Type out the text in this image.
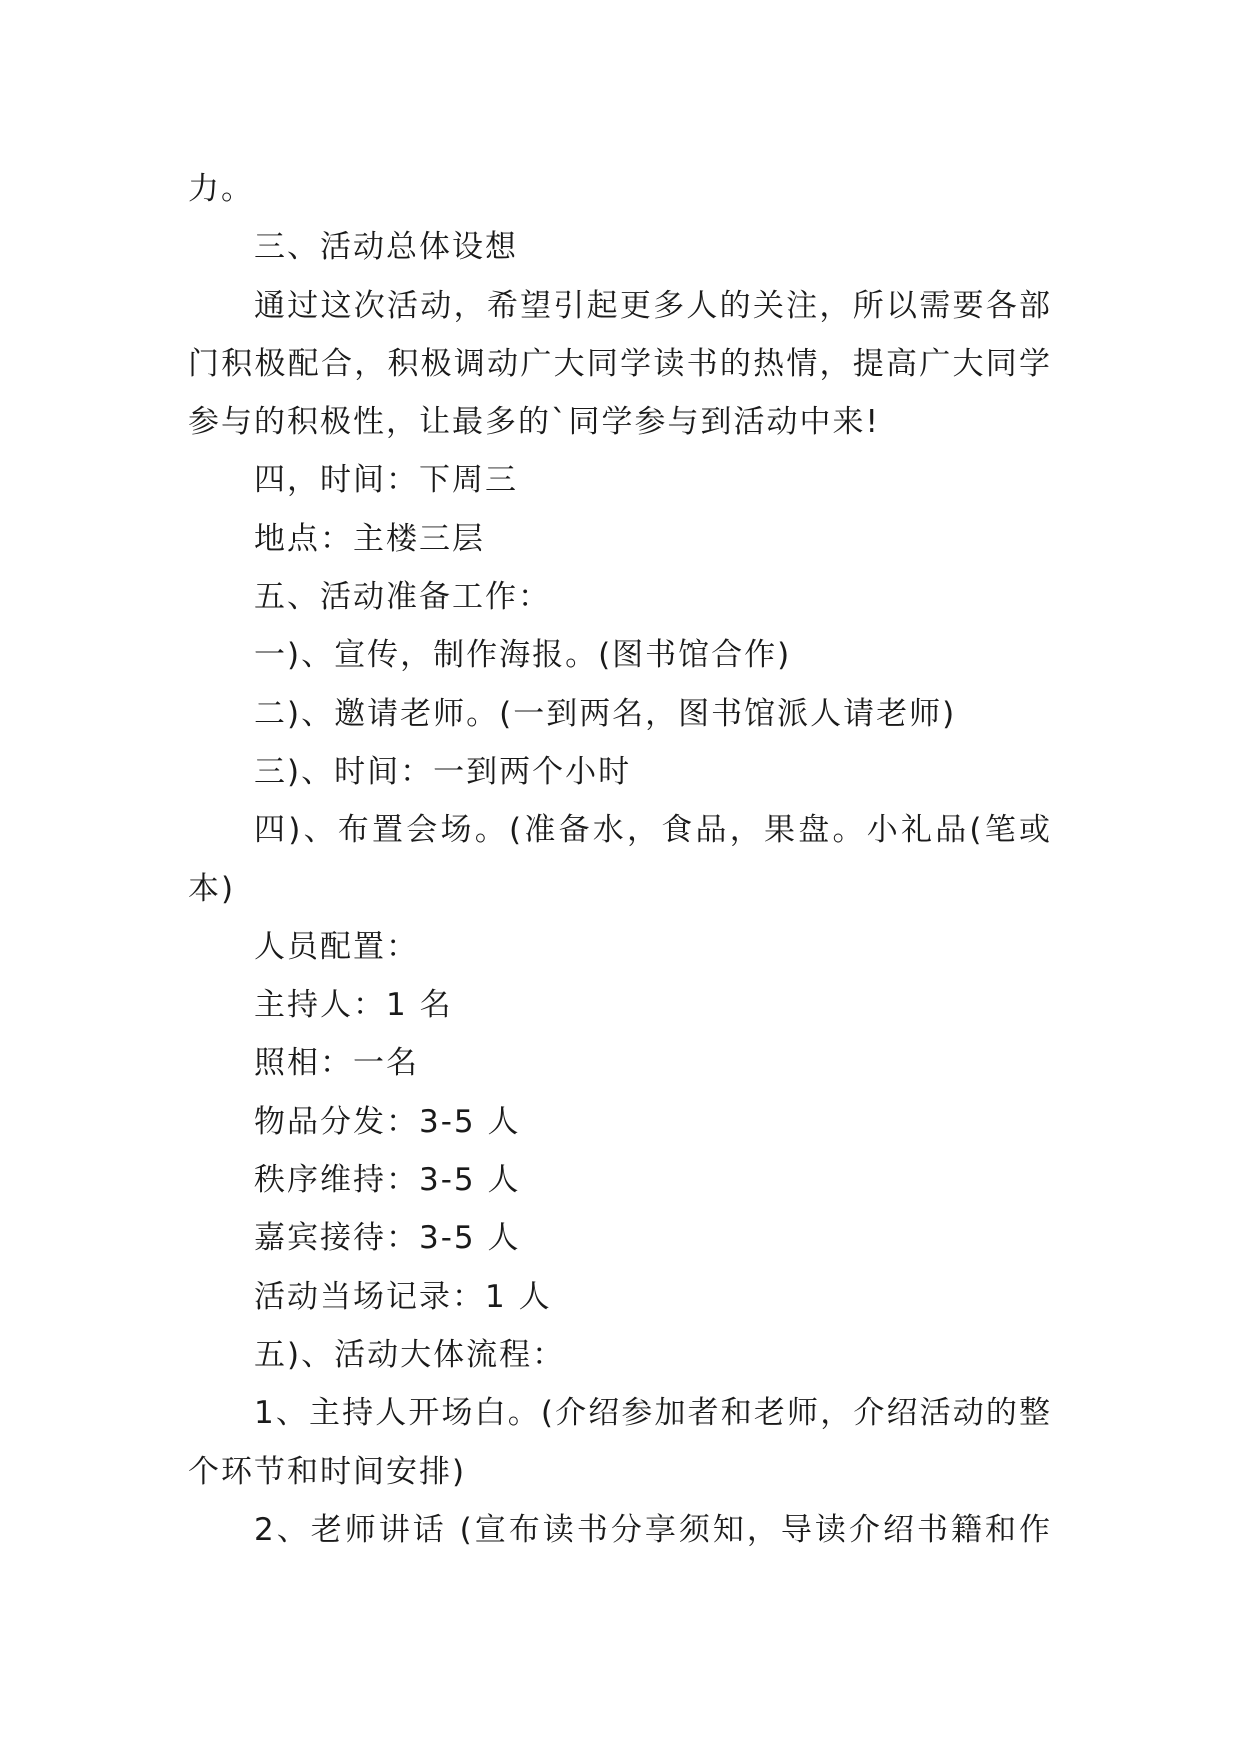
力。
三、活动总体设想
通过这次活动，希望引起更多人的关注，所以需要各部
门积极配合，积极调动广大同学读书的热情，提高广大同学
参与的积极性，让最多的`同学参与到活动中来!
四，时间：下周三
地点：主楼三层
五、活动准备工作：
一)、宣传，制作海报。(图书馆合作)
二)、邀请老师。(一到两名，图书馆派人请老师)
三)、时间：一到两个小时
四)、布置会场。(准备水，食品，果盘。小礼品(笔或
本)
人员配置：
主持人：1 名
照相：一名
物品分发：3-5 人
秩序维持：3-5 人
嘉宾接待：3-5 人
活动当场记录：1 人
五)、活动大体流程：
1、主持人开场白。(介绍参加者和老师，介绍活动的整
个环节和时间安排)
2、老师讲话 (宣布读书分享须知，导读介绍书籍和作
